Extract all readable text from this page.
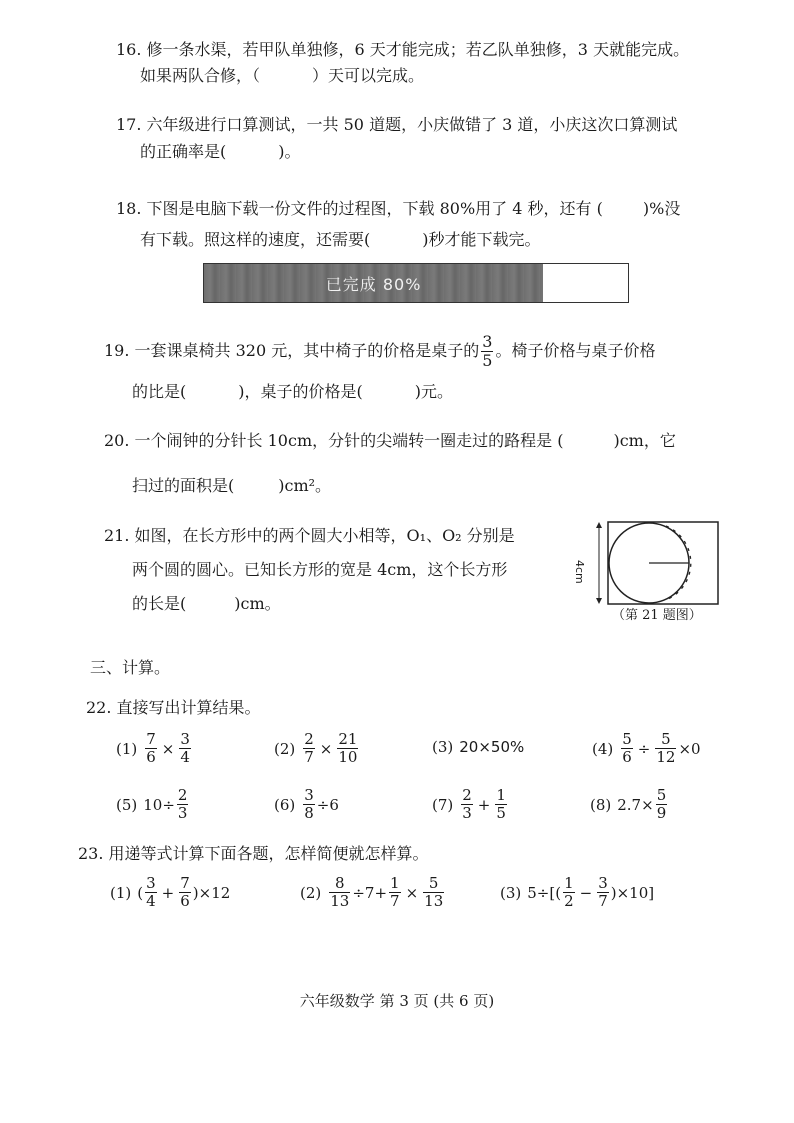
16. 修一条水渠，若甲队单独修，6 天才能完成；若乙队单独修，3 天就能完成。
如果两队合修，（	）天可以完成。
17. 六年级进行口算测试，一共 50 道题，小庆做错了 3 道，小庆这次口算测试
的正确率是(	)。
18. 下图是电脑下载一份文件的过程图，下载 80%用了 4 秒，还有 (	)%没
有下载。照这样的速度，还需要(	)秒才能下载完。
已完成 80%
19. 一套课桌椅共 320 元，其中椅子的价格是桌子的 $\frac{3}{5}$ 。椅子价格与桌子价格
的比是(	)，桌子的价格是(	)元。
20. 一个闹钟的分针长 10cm，分针的尖端转一圈走过的路程是 (	)cm，它
扫过的面积是(	)cm²。
21. 如图，在长方形中的两个圆大小相等，O₁、O₂ 分别是
两个圆的圆心。已知长方形的宽是 4cm，这个长方形
的长是(	)cm。
4cm
（第 21 题图）
三、计算。
22. 直接写出计算结果。
$(1) \frac{7}{6} \times \frac{3}{4}$	$(2) \frac{2}{7} \times \frac{21}{10}$	(3) 20×50%	$(4) \frac{5}{6} \div \frac{5}{12} \times 0$
(5) $10\div \frac{2}{3}$	$(6) \frac{3}{8} \div 6$	$(7) \frac{2}{3} + \frac{1}{5}$	(8) $2.7\times \frac{5}{9}$
23. 用递等式计算下面各题，怎样简便就怎样算。
(1) ( $\frac{3}{4} + \frac{7}{6} )\times 12$	$(2) \frac{8}{13} \div 7+ \frac{1}{7} \times \frac{5}{13}$	(3) $5\div[( \frac{1}{2} - \frac{3}{7} )\times 10]$
六年级数学 第 3 页 (共 6 页)
